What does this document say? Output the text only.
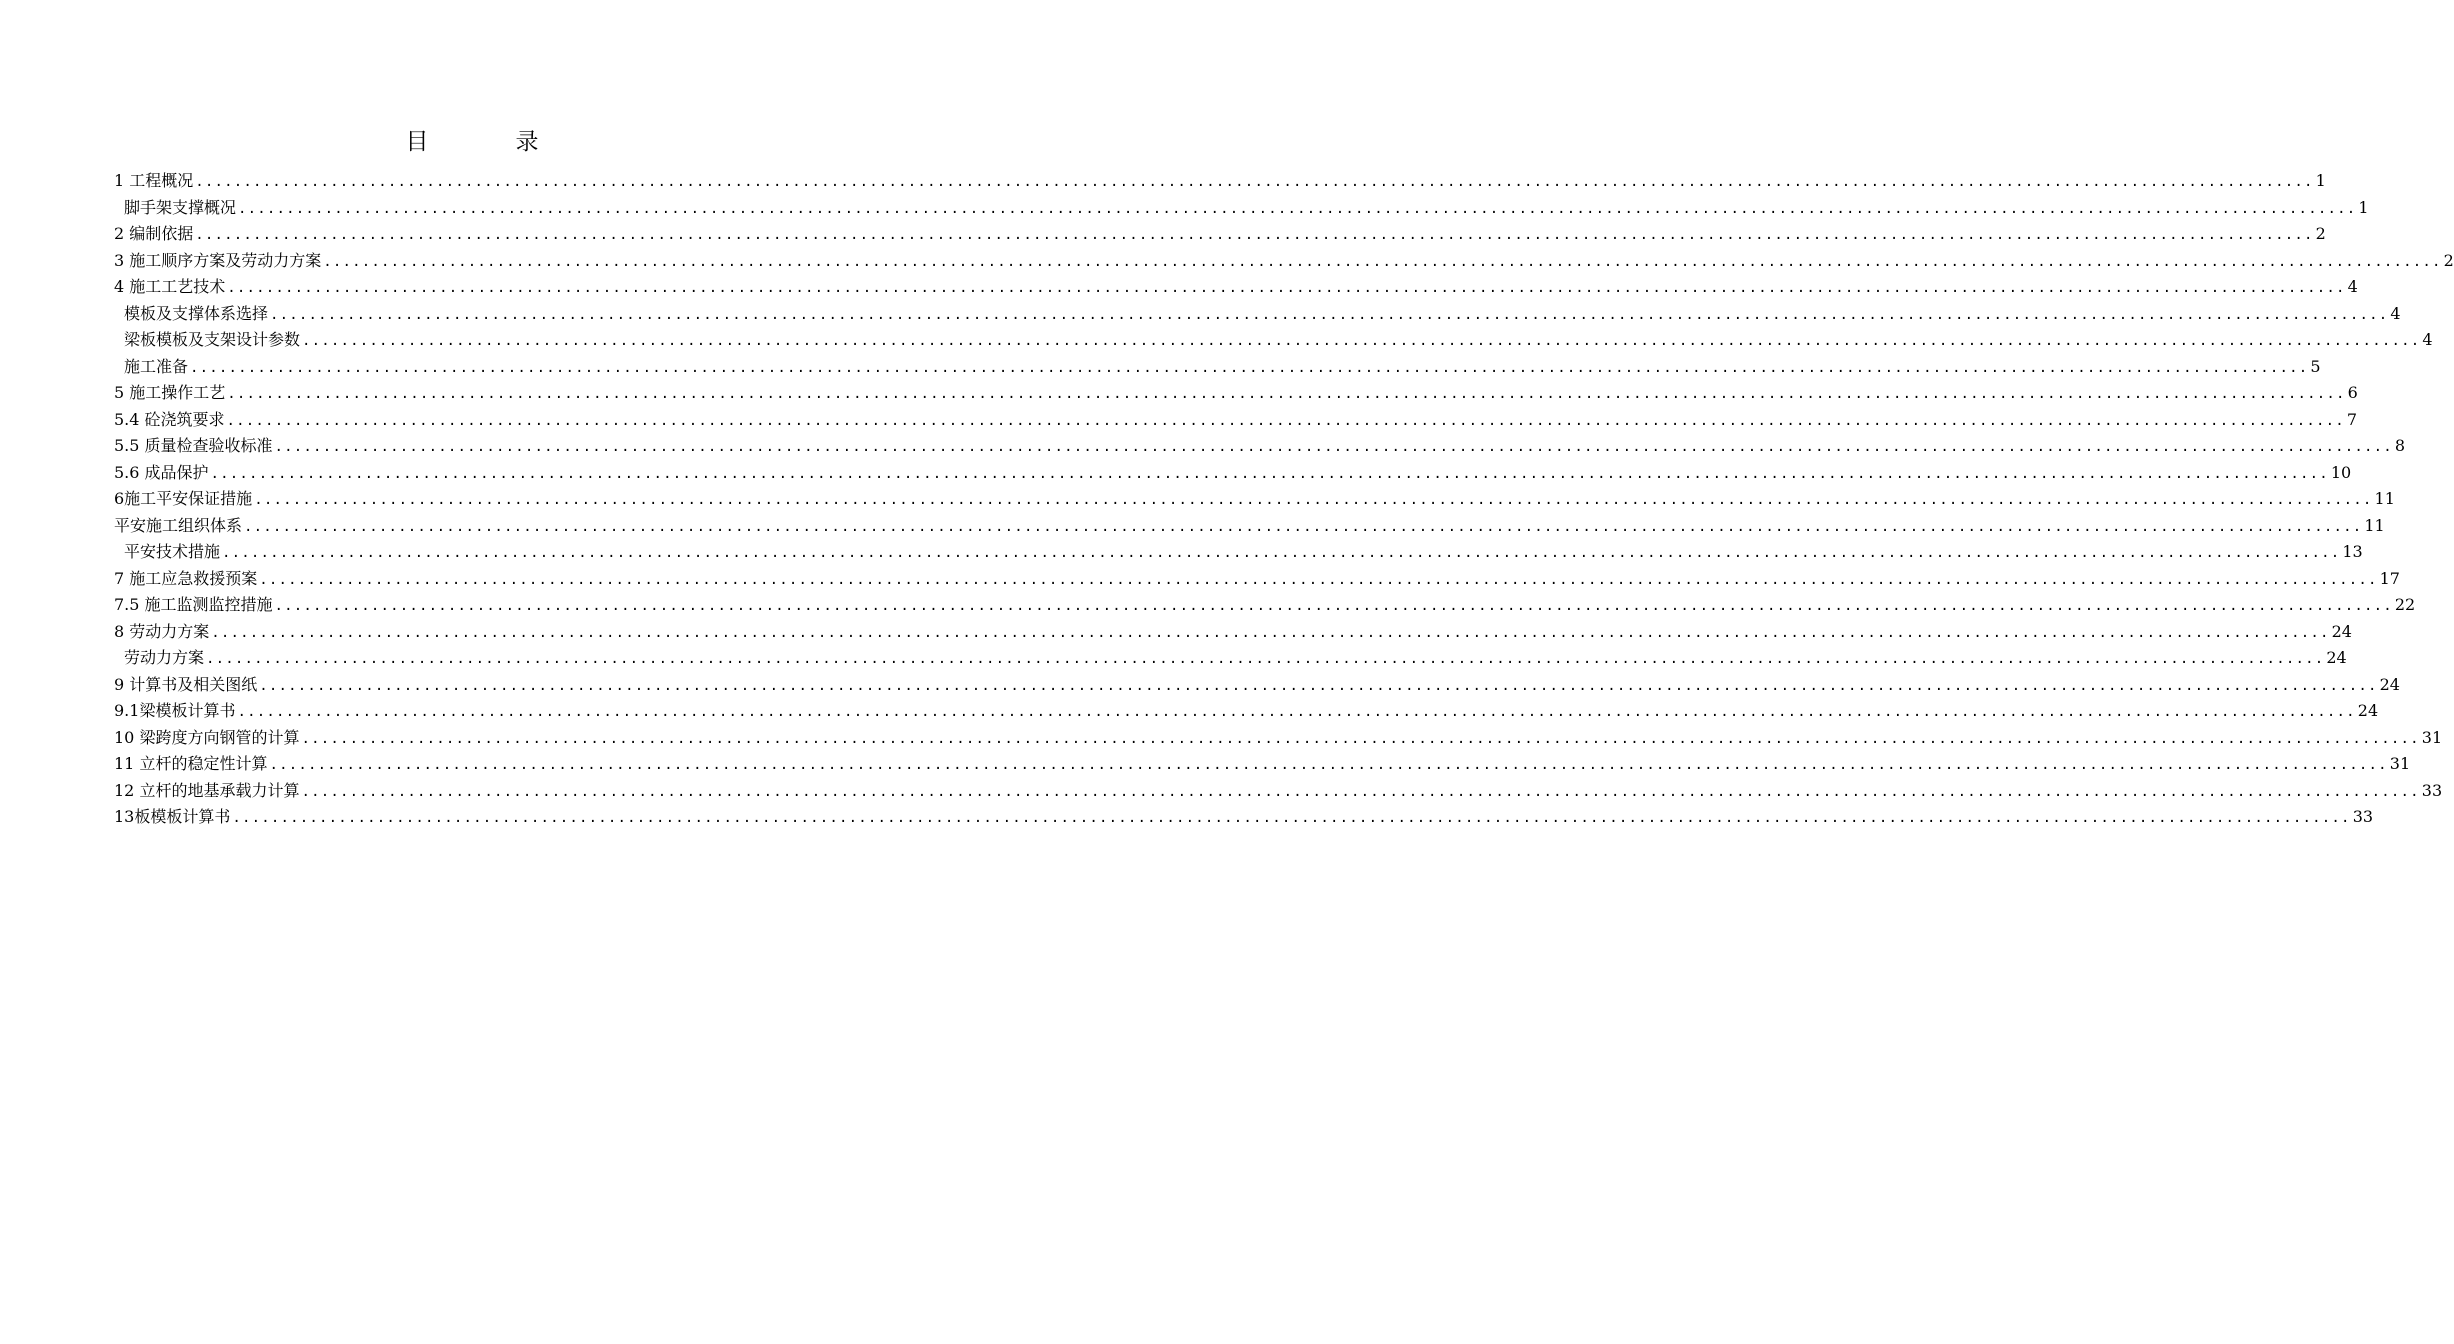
目　录
1 工程概况 ............................................................................................................................................................................................................................ 1
脚手架支撑概况 ............................................................................................................................................................................................................................ 1
2 编制依据 ............................................................................................................................................................................................................................ 2
3 施工顺序方案及劳动力方案 ............................................................................................................................................................................................................................ 2
4 施工工艺技术 ............................................................................................................................................................................................................................ 4
模板及支撑体系选择 ............................................................................................................................................................................................................................ 4
梁板模板及支架设计参数 ............................................................................................................................................................................................................................ 4
施工准备 ............................................................................................................................................................................................................................ 5
5 施工操作工艺 ............................................................................................................................................................................................................................ 6
5.4 砼浇筑要求 ............................................................................................................................................................................................................................ 7
5.5 质量检查验收标准 ............................................................................................................................................................................................................................ 8
5.6 成品保护 ............................................................................................................................................................................................................................ 10
6施工平安保证措施 ............................................................................................................................................................................................................................ 11
平安施工组织体系 ............................................................................................................................................................................................................................ 11
平安技术措施 ............................................................................................................................................................................................................................ 13
7 施工应急救援预案 ............................................................................................................................................................................................................................ 17
7.5 施工监测监控措施 ............................................................................................................................................................................................................................ 22
8 劳动力方案 ............................................................................................................................................................................................................................ 24
劳动力方案 ............................................................................................................................................................................................................................ 24
9 计算书及相关图纸 ............................................................................................................................................................................................................................ 24
9.1梁模板计算书 ............................................................................................................................................................................................................................ 24
10 梁跨度方向钢管的计算 ............................................................................................................................................................................................................................ 31
11 立杆的稳定性计算 ............................................................................................................................................................................................................................ 31
12 立杆的地基承载力计算 ............................................................................................................................................................................................................................ 33
13板模板计算书 ............................................................................................................................................................................................................................ 33
